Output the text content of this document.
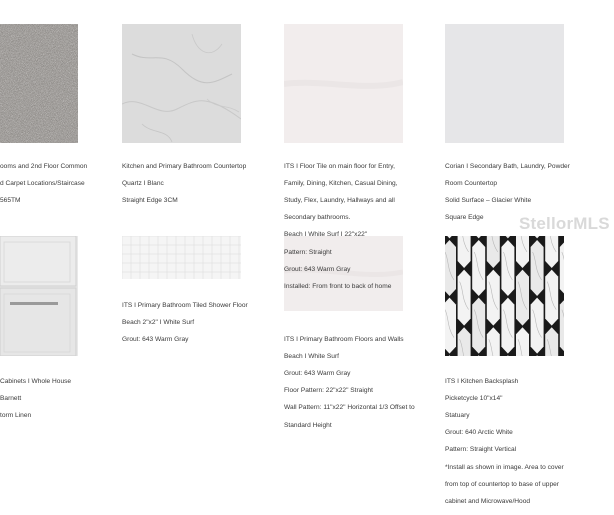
ooms and 2nd Floor Common

d Carpet Locations/Staircase

565TM

Kitchen and Primary Bathroom Countertop

Quartz I Blanc

Straight Edge 3CM

ITS I Floor Tile on main floor for Entry,

Family, Dining, Kitchen, Casual Dining,

Study, Flex, Laundry, Hallways and all

Secondary bathrooms.

Beach I White Surf I 22"x22"

Pattern: Straight

Grout: 643 Warm Gray

Installed: From front to back of home

Corian I Secondary Bath, Laundry, Powder

Room Countertop

Solid Surface – Glacier White

Square Edge

Cabinets I Whole House

Barnett

torm Linen

ITS I Primary Bathroom Tiled Shower Floor

Beach 2"x2" I White Surf

Grout: 643 Warm Gray	ITS I Primary Bathroom Floors and Walls

Beach I White Surf

Grout: 643 Warm Gray

Floor Pattern: 22"x22" Straight

Wall Pattern: 11"x22" Horizontal 1/3 Offset to

Standard Height

ITS I Kitchen Backsplash

Picketcycle 10"x14"

Statuary

Grout: 640 Arctic White

Pattern: Straight Vertical

*Install as shown in image. Area to cover

from top of countertop to base of upper

cabinet and Microwave/Hood

StellorMLS
